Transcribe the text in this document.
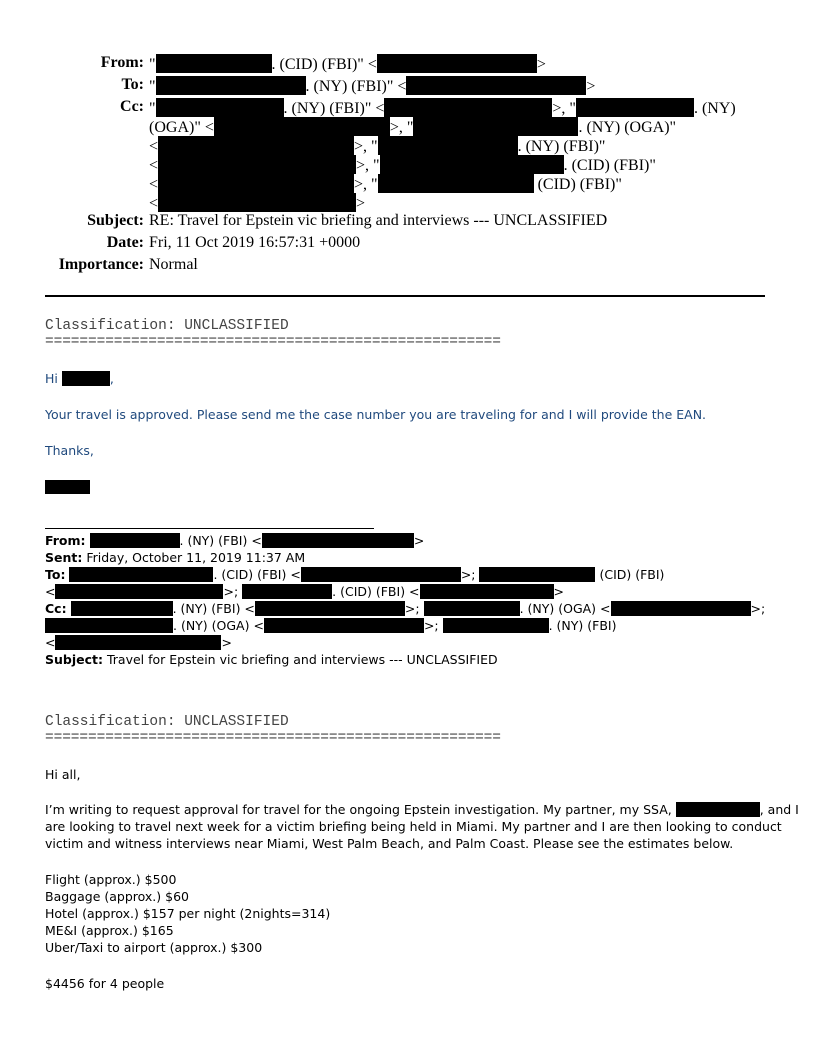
From: "	. (CID) (FBI)" <	>
To: "	. (NY) (FBI)" <	>
Cc: "	. (NY) (FBI)" <	>, "	. (NY)
(OGA)" <	>, "	. (NY) (OGA)"
<	>, "	. (NY) (FBI)"
<	>, "	. (CID) (FBI)"
<	>, "	(CID) (FBI)"
<	>
Subject: RE: Travel for Epstein vic briefing and interviews --- UNCLASSIFIED
Date: Fri, 11 Oct 2019 16:57:31 +0000
Importance: Normal
Classification: UNCLASSIFIED
=====================================================
Hi	,
Your travel is approved. Please send me the case number you are traveling for and I will provide the EAN.
Thanks,
From:	. (NY) (FBI) <	>
Sent: Friday, October 11, 2019 11:37 AM
To:	. (CID) (FBI) <	>;	(CID) (FBI)
<	>;	. (CID) (FBI) <	>
Cc:	. (NY) (FBI) <	>;	. (NY) (OGA) <	>;
. (NY) (OGA) <	>;	. (NY) (FBI)
<	>
Subject: Travel for Epstein vic briefing and interviews --- UNCLASSIFIED
Classification: UNCLASSIFIED
=====================================================
Hi all,
I’m writing to request approval for travel for the ongoing Epstein investigation. My partner, my SSA,	, and I
are looking to travel next week for a victim briefing being held in Miami. My partner and I are then looking to conduct
victim and witness interviews near Miami, West Palm Beach, and Palm Coast. Please see the estimates below.
Flight (approx.) $500
Baggage (approx.) $60
Hotel (approx.) $157 per night (2nights=314)
ME&I (approx.) $165
Uber/Taxi to airport (approx.) $300
$4456 for 4 people
